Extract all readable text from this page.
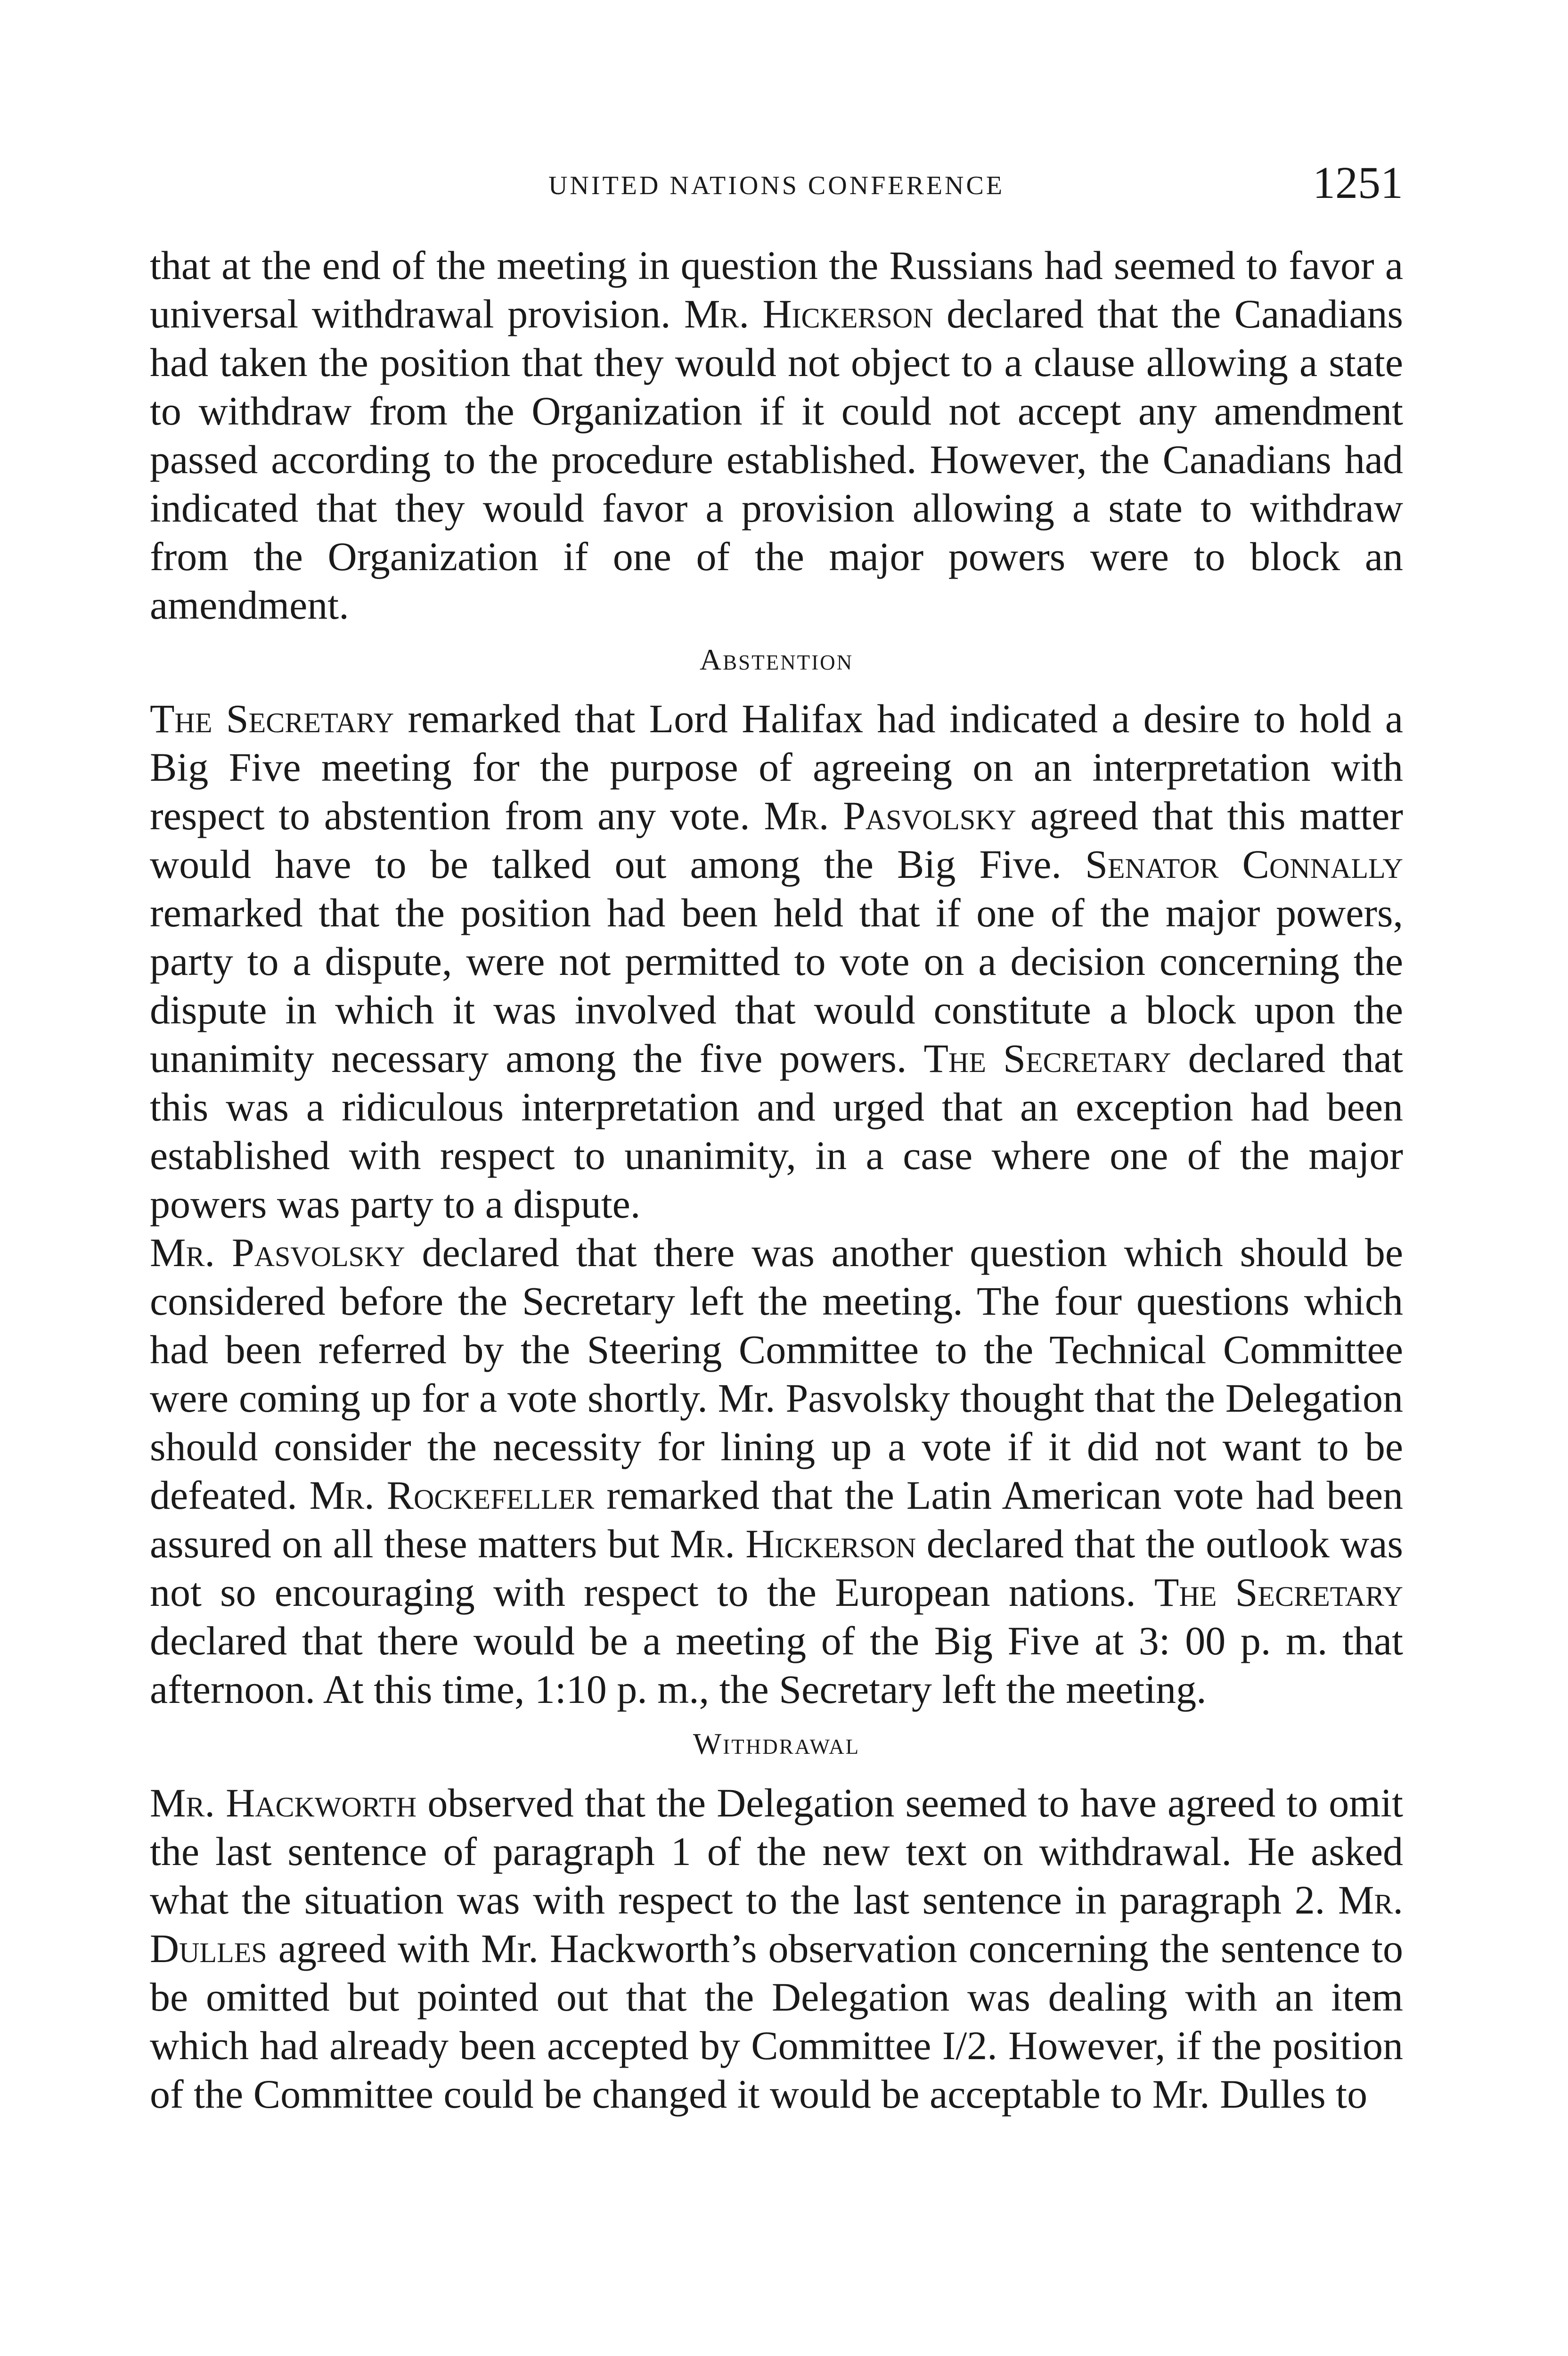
UNITED NATIONS CONFERENCE	1251

that at the end of the meeting in question the Russians had seemed to favor a universal withdrawal provision. Mr. Hickerson declared that the Canadians had taken the position that they would not object to a clause allowing a state to withdraw from the Organization if it could not accept any amendment passed according to the procedure established. However, the Canadians had indicated that they would favor a provision allowing a state to withdraw from the Organization if one of the major powers were to block an amendment.

Abstention

The Secretary remarked that Lord Halifax had indicated a desire to hold a Big Five meeting for the purpose of agreeing on an interpretation with respect to abstention from any vote. Mr. Pasvolsky agreed that this matter would have to be talked out among the Big Five. Senator Connally remarked that the position had been held that if one of the major powers, party to a dispute, were not permitted to vote on a decision concerning the dispute in which it was involved that would constitute a block upon the unanimity necessary among the five powers. The Secretary declared that this was a ridiculous interpretation and urged that an exception had been established with respect to unanimity, in a case where one of the major powers was party to a dispute.

Mr. Pasvolsky declared that there was another question which should be considered before the Secretary left the meeting. The four questions which had been referred by the Steering Committee to the Technical Committee were coming up for a vote shortly. Mr. Pasvolsky thought that the Delegation should consider the necessity for lining up a vote if it did not want to be defeated. Mr. Rockefeller remarked that the Latin American vote had been assured on all these matters but Mr. Hickerson declared that the outlook was not so encouraging with respect to the European nations. The Secretary declared that there would be a meeting of the Big Five at 3: 00 p. m. that afternoon. At this time, 1:10 p. m., the Secretary left the meeting.

Withdrawal

Mr. Hackworth observed that the Delegation seemed to have agreed to omit the last sentence of paragraph 1 of the new text on withdrawal. He asked what the situation was with respect to the last sentence in paragraph 2. Mr. Dulles agreed with Mr. Hackworth’s observation concerning the sentence to be omitted but pointed out that the Delegation was dealing with an item which had already been accepted by Committee I/2. However, if the position of the Committee could be changed it would be acceptable to Mr. Dulles to
